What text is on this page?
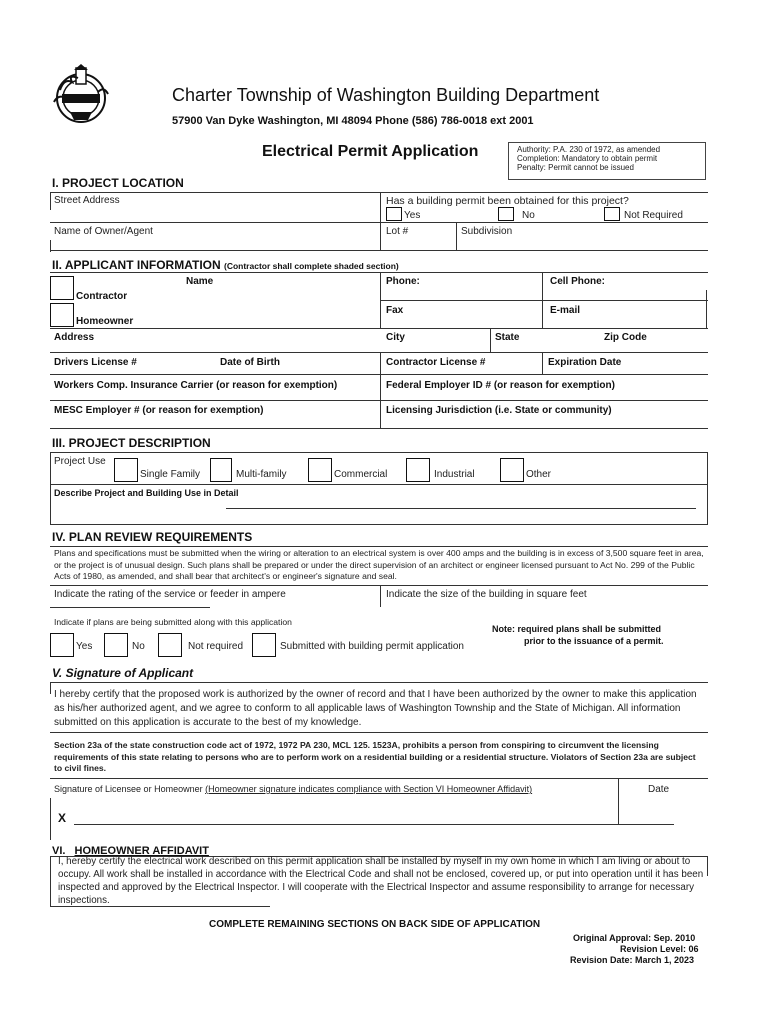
Charter Township of Washington Building Department
57900 Van Dyke Washington, MI 48094 Phone (586) 786-0018 ext 2001
Electrical Permit Application	Authority: P.A. 230 of 1972, as amended
Completion: Mandatory to obtain permit
Penalty: Permit cannot be issued
I. PROJECT LOCATION
Street Address	Has a building permit been obtained for this project?
Yes	No	Not Required
Name of Owner/Agent	Lot #	Subdivision
II. APPLICANT INFORMATION (Contractor shall complete shaded section)
Name
Contractor
Homeowner
Phone:	Cell Phone:
Fax	E-mail
Address	City	State	Zip Code
Drivers License #	Date of Birth	Contractor License #	Expiration Date
Workers Comp. Insurance Carrier (or reason for exemption)	Federal Employer ID # (or reason for exemption)
MESC Employer # (or reason for exemption)	Licensing Jurisdiction (i.e. State or community)
III. PROJECT DESCRIPTION
Project Use
Single Family	Multi-family	Commercial	Industrial	Other
Describe Project and Building Use in Detail
IV. PLAN REVIEW REQUIREMENTS
Plans and specifications must be submitted when the wiring or alteration to an electrical system is over 400 amps and the building is in excess of 3,500 square feet in area, or the project is of unusual design. Such plans shall be prepared or under the direct supervision of an architect or engineer licensed pursuant to Act No. 299 of the Public Acts of 1980, as amended, and shall bear that architect's or engineer's signature and seal.
Indicate the rating of the service or feeder in ampere	Indicate the size of the building in square feet
Indicate if plans are being submitted along with this application
Yes	No	Not required	Submitted with building permit application
Note: required plans shall be submitted
prior to the issuance of a permit.
V. Signature of Applicant
I hereby certify that the proposed work is authorized by the owner of record and that I have been authorized by the owner to make this application as his/her authorized agent, and we agree to conform to all applicable laws of Washington Township and the State of Michigan. All information submitted on this application is accurate to the best of my knowledge.
Section 23a of the state construction code act of 1972, 1972 PA 230, MCL 125. 1523A, prohibits a person from conspiring to circumvent the licensing requirements of this state relating to persons who are to perform work on a residential building or a residential structure. Violators of Section 23a are subject to civil fines.
Signature of Licensee or Homeowner (Homeowner signature indicates compliance with Section VI Homeowner Affidavit)	Date
X
VI. HOMEOWNER AFFIDAVIT
I, hereby certify the electrical work described on this permit application shall be installed by myself in my own home in which I am living or about to occupy. All work shall be installed in accordance with the Electrical Code and shall not be enclosed, covered up, or put into operation until it has been inspected and approved by the Electrical Inspector. I will cooperate with the Electrical Inspector and assume responsibility to arrange for necessary inspections.
COMPLETE REMAINING SECTIONS ON BACK SIDE OF APPLICATION
Original Approval: Sep. 2010
Revision Level: 06
Revision Date: March 1, 2023
